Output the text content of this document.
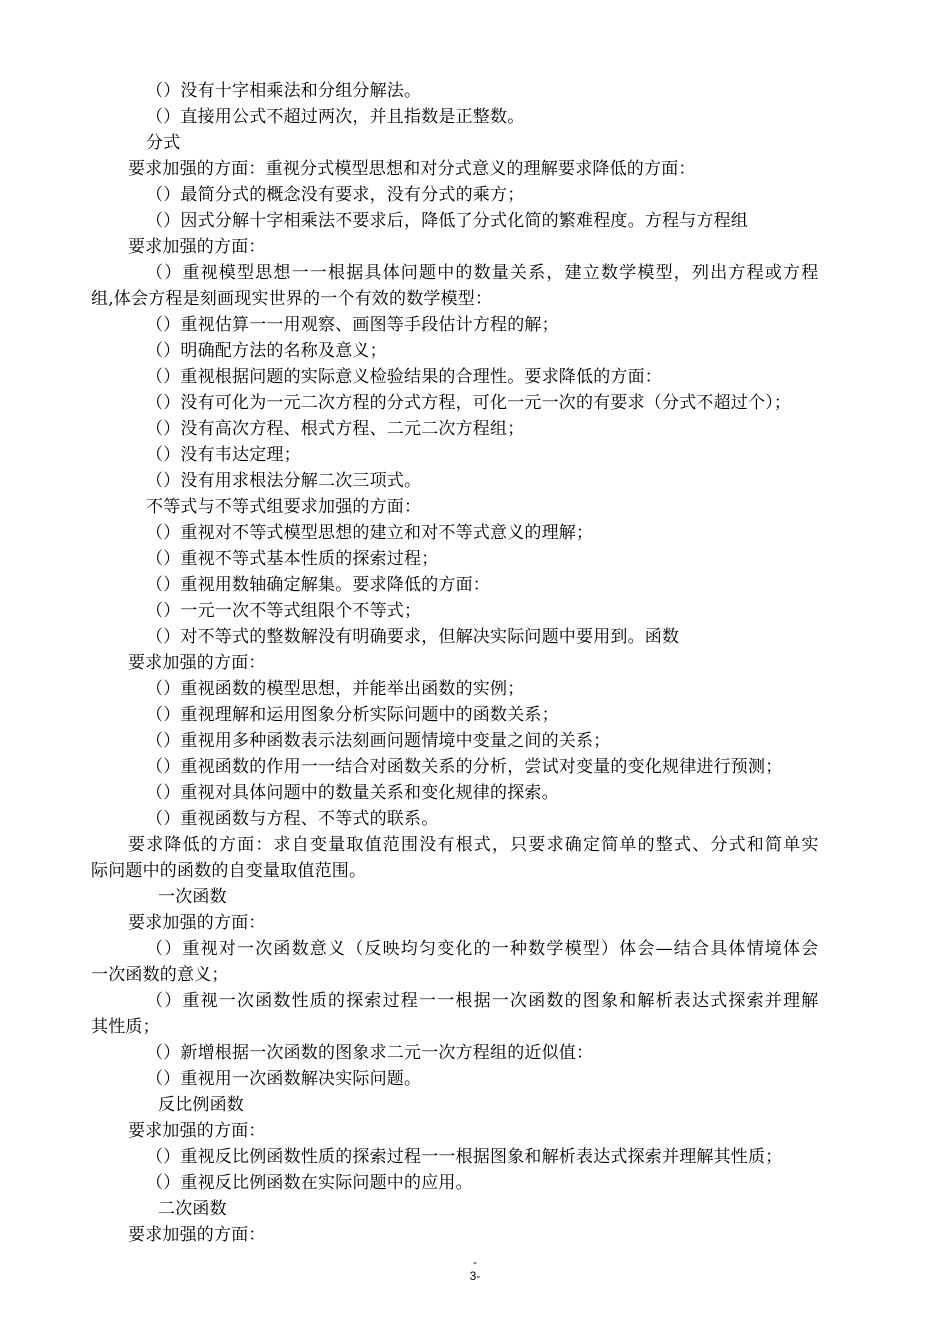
（）没有十字相乘法和分组分解法。
（）直接用公式不超过两次，并且指数是正整数。
分式
要求加强的方面：重视分式模型思想和对分式意义的理解要求降低的方面：
（）最简分式的概念没有要求，没有分式的乘方；
（）因式分解十字相乘法不要求后，降低了分式化简的繁难程度。方程与方程组
要求加强的方面：
（）重视模型思想一一根据具体问题中的数量关系，建立数学模型，列出方程或方程
组,体会方程是刻画现实世界的一个有效的数学模型：
（）重视估算一一用观察、画图等手段估计方程的解；
（）明确配方法的名称及意义；
（）重视根据问题的实际意义检验结果的合理性。要求降低的方面：
（）没有可化为一元二次方程的分式方程，可化一元一次的有要求（分式不超过个）；
（）没有高次方程、根式方程、二元二次方程组；
（）没有韦达定理；
（）没有用求根法分解二次三项式。
不等式与不等式组要求加强的方面：
（）重视对不等式模型思想的建立和对不等式意义的理解；
（）重视不等式基本性质的探索过程；
（）重视用数轴确定解集。要求降低的方面：
（）一元一次不等式组限个不等式；
（）对不等式的整数解没有明确要求，但解决实际问题中要用到。函数
要求加强的方面：
（）重视函数的模型思想，并能举出函数的实例；
（）重视理解和运用图象分析实际问题中的函数关系；
（）重视用多种函数表示法刻画问题情境中变量之间的关系；
（）重视函数的作用一一结合对函数关系的分析，尝试对变量的变化规律进行预测；
（）重视对具体问题中的数量关系和变化规律的探索。
（）重视函数与方程、不等式的联系。
要求降低的方面：求自变量取值范围没有根式，只要求确定简单的整式、分式和简单实
际问题中的函数的自变量取值范围。
一次函数
要求加强的方面：
（）重视对一次函数意义（反映均匀变化的一种数学模型）体会—结合具体情境体会
一次函数的意义；
（）重视一次函数性质的探索过程一一根据一次函数的图象和解析表达式探索并理解
其性质；
（）新增根据一次函数的图象求二元一次方程组的近似值：
（）重视用一次函数解决实际问题。
反比例函数
要求加强的方面：
（）重视反比例函数性质的探索过程一一根据图象和解析表达式探索并理解其性质；
（）重视反比例函数在实际问题中的应用。
二次函数
要求加强的方面：
-
3-
